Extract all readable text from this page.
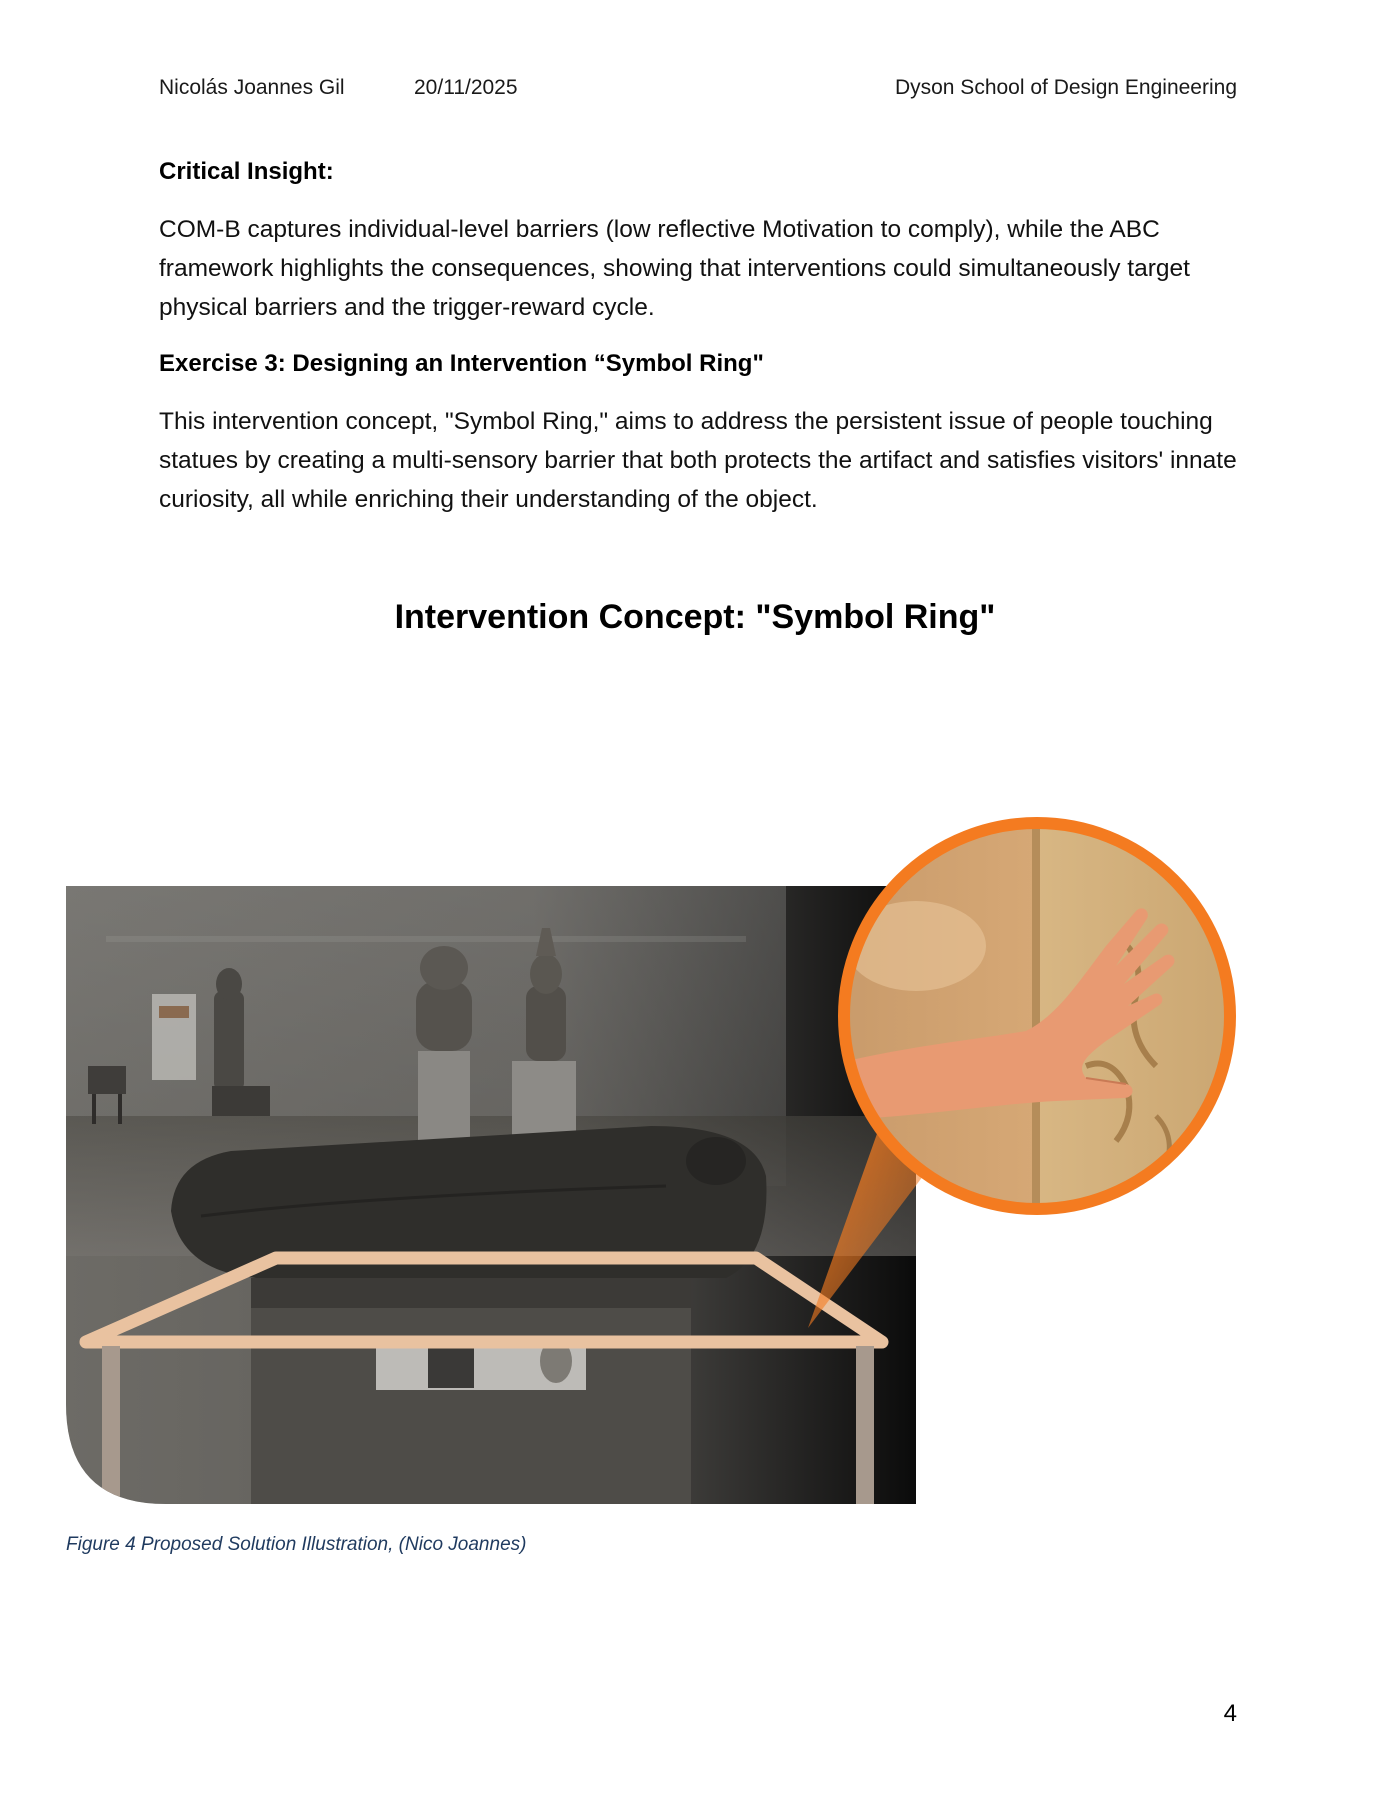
Nicolás Joannes Gil	20/11/2025	Dyson School of Design Engineering
Critical Insight:
COM-B captures individual-level barriers (low reflective Motivation to comply), while the ABC framework highlights the consequences, showing that interventions could simultaneously target physical barriers and the trigger-reward cycle.
Exercise 3: Designing an Intervention “Symbol Ring"
This intervention concept, "Symbol Ring," aims to address the persistent issue of people touching statues by creating a multi-sensory barrier that both protects the artifact and satisfies visitors' innate curiosity, all while enriching their understanding of the object.
Intervention Concept: "Symbol Ring"
Figure 4 Proposed Solution Illustration, (Nico Joannes)
4
